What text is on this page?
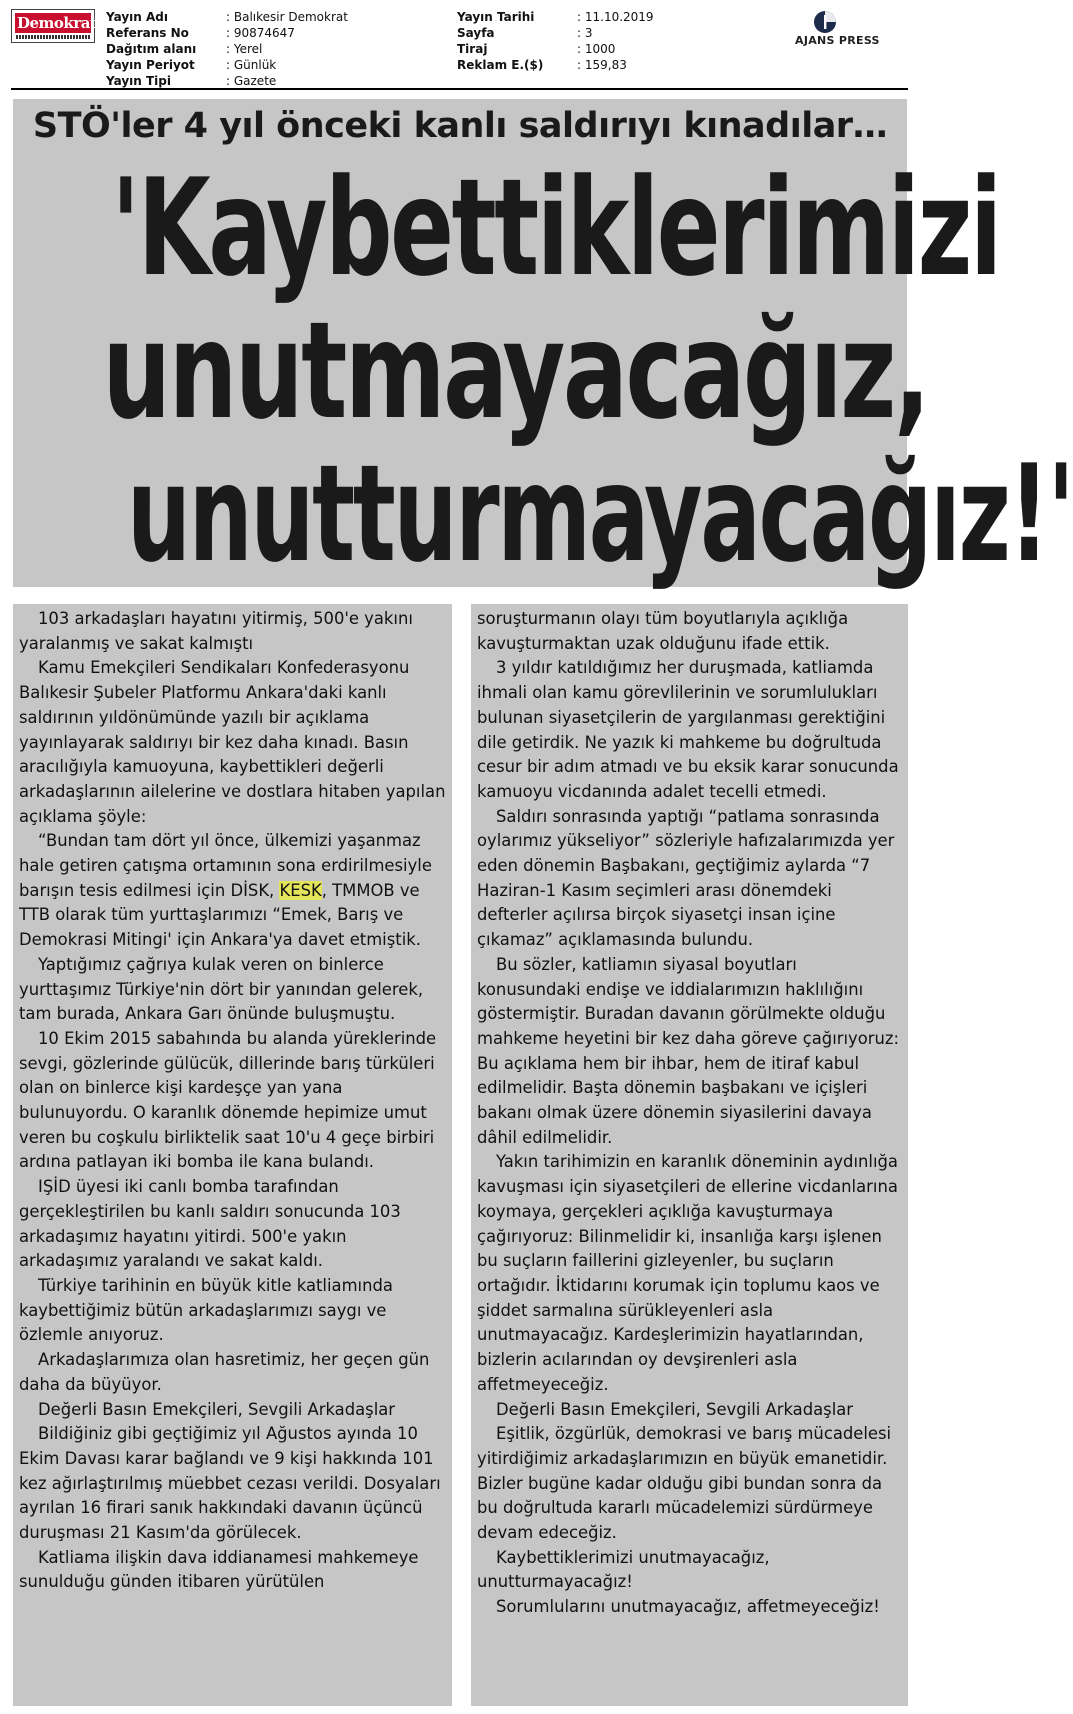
Demokrat Yayın Adı	: Balıkesir Demokrat
Referans No	: 90874647
Dağıtım alanı	: Yerel
Yayın Periyot	: Günlük
Yayın Tipi	: Gazete
Yayın Tarihi	: 11.10.2019
Sayfa	: 3
Tiraj	: 1000
Reklam E.($)	: 159,83
AJANS PRESS
STÖ'ler 4 yıl önceki kanlı saldırıyı kınadılar…
'Kaybettiklerimizi
unutmayacağız,
unutturmayacağız!'

103 arkadaşları hayatını yitirmiş, 500'e yakını yaralanmış ve sakat kalmıştı

Kamu Emekçileri Sendikaları Konfederasyonu Balıkesir Şubeler Platformu Ankara'daki kanlı saldırının yıldönümünde yazılı bir açıklama yayınlayarak saldırıyı bir kez daha kınadı. Basın aracılığıyla kamuoyuna, kaybettikleri değerli arkadaşlarının ailelerine ve dostlara hitaben yapılan açıklama şöyle:

“Bundan tam dört yıl önce, ülkemizi yaşanmaz hale getiren çatışma ortamının sona erdirilmesiyle barışın tesis edilmesi için DİSK, KESK, TMMOB ve TTB olarak tüm yurttaşlarımızı “Emek, Barış ve Demokrasi Mitingi' için Ankara'ya davet etmiştik.

Yaptığımız çağrıya kulak veren on binlerce yurttaşımız Türkiye'nin dört bir yanından gelerek, tam burada, Ankara Garı önünde buluşmuştu.

10 Ekim 2015 sabahında bu alanda yüreklerinde sevgi, gözlerinde gülücük, dillerinde barış türküleri olan on binlerce kişi kardeşçe yan yana bulunuyordu. O karanlık dönemde hepimize umut veren bu coşkulu birliktelik saat 10'u 4 geçe birbiri ardına patlayan iki bomba ile kana bulandı.

IŞİD üyesi iki canlı bomba tarafından gerçekleştirilen bu kanlı saldırı sonucunda 103 arkadaşımız hayatını yitirdi. 500'e yakın arkadaşımız yaralandı ve sakat kaldı.

Türkiye tarihinin en büyük kitle katliamında kaybettiğimiz bütün arkadaşlarımızı saygı ve özlemle anıyoruz.

Arkadaşlarımıza olan hasretimiz, her geçen gün daha da büyüyor.

Değerli Basın Emekçileri, Sevgili Arkadaşlar

Bildiğiniz gibi geçtiğimiz yıl Ağustos ayında 10 Ekim Davası karar bağlandı ve 9 kişi hakkında 101 kez ağırlaştırılmış müebbet cezası verildi. Dosyaları ayrılan 16 firari sanık hakkındaki davanın üçüncü duruşması 21 Kasım'da görülecek.

Katliama ilişkin dava iddianamesi mahkemeye sunulduğu günden itibaren yürütülen

soruşturmanın olayı tüm boyutlarıyla açıklığa kavuşturmaktan uzak olduğunu ifade ettik.

3 yıldır katıldığımız her duruşmada, katliamda ihmali olan kamu görevlilerinin ve sorumlulukları bulunan siyasetçilerin de yargılanması gerektiğini dile getirdik. Ne yazık ki mahkeme bu doğrultuda cesur bir adım atmadı ve bu eksik karar sonucunda kamuoyu vicdanında adalet tecelli etmedi.

Saldırı sonrasında yaptığı “patlama sonrasında oylarımız yükseliyor” sözleriyle hafızalarımızda yer eden dönemin Başbakanı, geçtiğimiz aylarda “7 Haziran-1 Kasım seçimleri arası dönemdeki defterler açılırsa birçok siyasetçi insan içine çıkamaz” açıklamasında bulundu.

Bu sözler, katliamın siyasal boyutları konusundaki endişe ve iddialarımızın haklılığını göstermiştir. Buradan davanın görülmekte olduğu mahkeme heyetini bir kez daha göreve çağırıyoruz: Bu açıklama hem bir ihbar, hem de itiraf kabul edilmelidir. Başta dönemin başbakanı ve içişleri bakanı olmak üzere dönemin siyasilerini davaya dâhil edilmelidir.

Yakın tarihimizin en karanlık döneminin aydınlığa kavuşması için siyasetçileri de ellerine vicdanlarına koymaya, gerçekleri açıklığa kavuşturmaya çağırıyoruz: Bilinmelidir ki, insanlığa karşı işlenen bu suçların faillerini gizleyenler, bu suçların ortağıdır. İktidarını korumak için toplumu kaos ve şiddet sarmalına sürükleyenleri asla unutmayacağız. Kardeşlerimizin hayatlarından, bizlerin acılarından oy devşirenleri asla affetmeyeceğiz.

Değerli Basın Emekçileri, Sevgili Arkadaşlar

Eşitlik, özgürlük, demokrasi ve barış mücadelesi yitirdiğimiz arkadaşlarımızın en büyük emanetidir. Bizler bugüne kadar olduğu gibi bundan sonra da bu doğrultuda kararlı mücadelemizi sürdürmeye devam edeceğiz.

Kaybettiklerimizi unutmayacağız, unutturmayacağız!

Sorumlularını unutmayacağız, affetmeyeceğiz!
